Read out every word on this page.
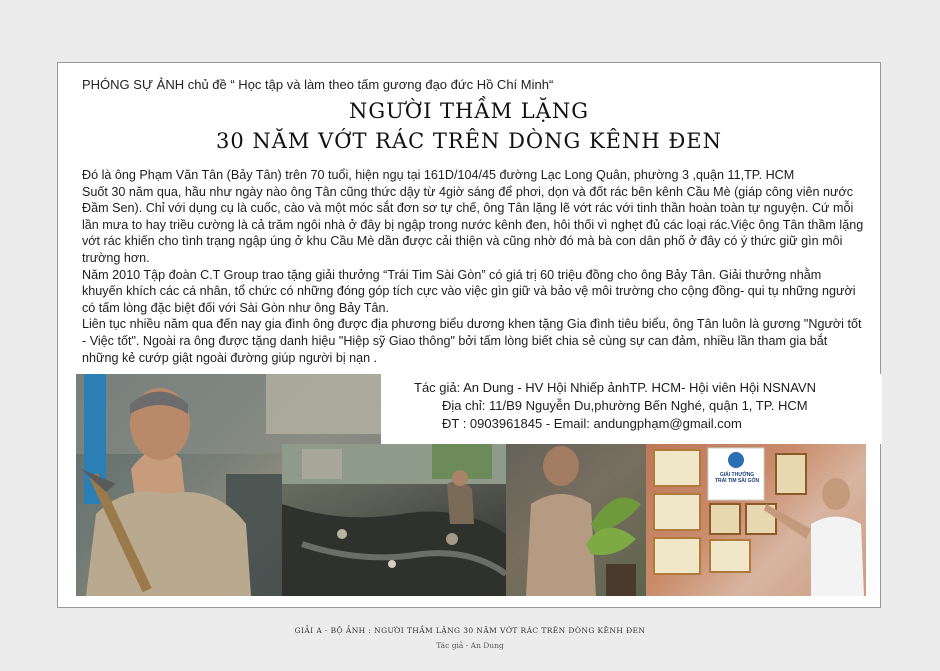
PHÓNG SỰ ẢNH chủ đề “ Học tập và làm theo tấm gương đạo đức Hồ Chí Minh“
NGƯỜI THẦM LẶNG
30 NĂM VỚT RÁC TRÊN DÒNG KÊNH ĐEN

Đó là ông Phạm Văn Tân (Bảy Tân) trên 70 tuổi, hiện ngụ tại 161D/104/45 đường Lạc Long Quân, phường 3 ,quận 11,TP. HCM

Suốt 30 năm qua, hầu như ngày nào ông Tân cũng thức dậy từ 4giờ sáng để phơi, dọn và đốt rác bên kênh Cầu Mè (giáp công viên nước Đầm Sen). Chỉ với dụng cụ là cuốc, cào và một móc sắt đơn sơ tự chế, ông Tân lặng lẽ vớt rác với tinh thần hoàn toàn tự nguyện. Cứ mỗi lần mưa to hay triều cường là cả trăm ngôi nhà ở đây bị ngập trong nước kênh đen, hôi thối vì nghẹt đủ các loại rác.Việc ông Tân thầm lặng vớt rác khiến cho tình trạng ngập úng ở khu Cầu Mè dần được cải thiện và cũng nhờ đó mà bà con dân phố ở đây có ý thức giữ gìn môi trường hơn.

Năm 2010 Tập đoàn C.T Group trao tặng giải thưởng “Trái Tim Sài Gòn” có giá trị 60 triệu đồng cho ông Bảy Tân. Giải thưởng nhằm khuyến khích các cá nhân, tổ chức có những đóng góp tích cực vào việc gìn giữ và bảo vệ môi trường cho cộng đồng- qui tụ những người có tấm lòng đặc biệt đối với Sài Gòn như ông Bảy Tân.

Liên tục nhiều năm qua đến nay gia đình ông được địa phương biểu dương khen tặng Gia đình tiêu biểu, ông Tân luôn là gương "Người tốt - Việc tốt". Ngoài ra ông được tặng danh hiệu "Hiệp sỹ Giao thông" bởi tấm lòng biết chia sẻ cùng sự can đảm, nhiều lần tham gia bắt những kẻ cướp giật ngoài đường giúp người bị nạn .

Tác giả: An Dung - HV Hội Nhiếp ảnhTP. HCM- Hội viên Hội NSNAVN
Địa chỉ: 11/B9 Nguyễn Du,phường Bến Nghé, quận 1, TP. HCM
ĐT : 0903961845 - Email: andungphạm@gmail.com
GIẢI THƯỞNG
TRÁI TIM SÀI GÒN
GIẢI A - BỘ ẢNH : NGƯỜI THẦM LẶNG 30 NĂM VỚT RÁC TRÊN DÒNG KÊNH ĐEN
Tác giả - An Dung
